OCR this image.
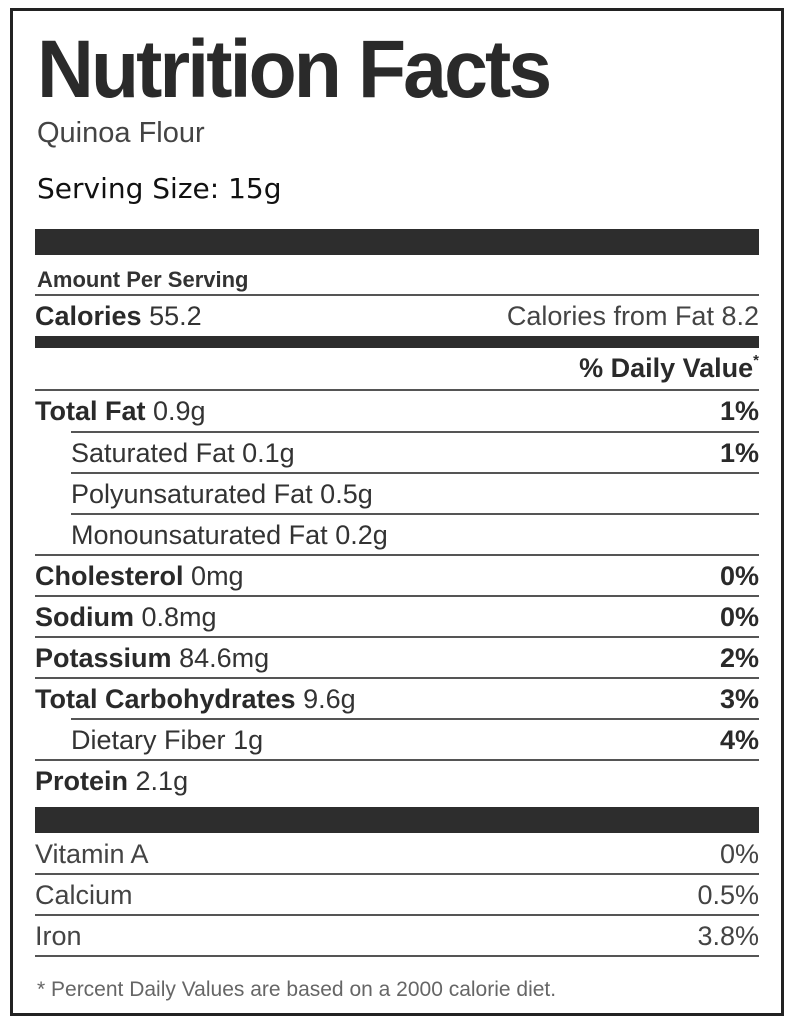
Nutrition Facts
Quinoa Flour
Serving Size: 15g
Amount Per Serving
Calories 55.2	Calories from Fat 8.2
% Daily Value*
Total Fat 0.9g	1%
Saturated Fat 0.1g	1%
Polyunsaturated Fat 0.5g
Monounsaturated Fat 0.2g
Cholesterol 0mg	0%
Sodium 0.8mg	0%
Potassium 84.6mg	2%
Total Carbohydrates 9.6g	3%
Dietary Fiber 1g	4%
Protein 2.1g
Vitamin A	0%
Calcium	0.5%
Iron	3.8%
* Percent Daily Values are based on a 2000 calorie diet.
